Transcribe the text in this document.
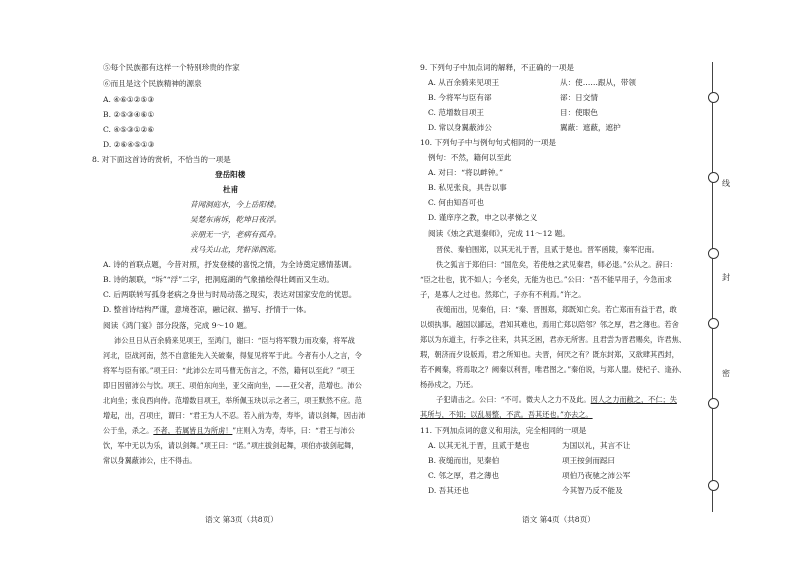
⑤每个民族都有这样一个特别珍贵的作家
⑥而且是这个民族精神的源泉
A. ④⑥①②⑤③
B. ②⑤③④⑥①
C. ④⑤③①②⑥
D. ②⑥④⑤①③
8. 对下面这首诗的赏析，不恰当的一项是
登岳阳楼
杜甫
昔闻洞庭水，今上岳阳楼。
吴楚东南坼，乾坤日夜浮。
亲朋无一字，老病有孤舟。
戎马关山北，凭轩涕泗流。
A. 诗的首联点题，今昔对照，抒发登楼的喜悦之情，为全诗奠定感情基调。
B. 诗的颔联，“坼”“浮”二字，把洞庭湖的气象描绘得壮阔而又生动。
C. 后两联转写孤身老病之身世与时局动荡之现实，表达对国家安危的忧思。
D. 整首诗结构严谨，意境苍凉，融记叙、描写、抒情于一体。
阅读《鸿门宴》部分段落，完成 9～10 题。
沛公旦日从百余骑来见项王，至鸿门，谢曰：“臣与将军戮力而攻秦，将军战
河北，臣战河南，然不自意能先入关破秦，得复见将军于此。今者有小人之言，令
将军与臣有郤。”项王曰：“此沛公左司马曹无伤言之，不然，籍何以至此？”项王
即日因留沛公与饮。项王、项伯东向坐，亚父南向坐，——亚父者，范增也。沛公
北向坐；张良西向侍。范增数目项王，举所佩玉玦以示之者三，项王默然不应。范
增起，出，召项庄，谓曰：“君王为人不忍。若入前为寿，寿毕，请以剑舞，因击沛
公于坐，杀之。不者，若属皆且为所虏！”庄则入为寿，寿毕，曰：“君王与沛公
饮，军中无以为乐，请以剑舞。”项王曰：“诺。”项庄拔剑起舞，项伯亦拔剑起舞，
常以身翼蔽沛公，庄不得击。
语文 第3页（共8页）
9. 下列句子中加点词的解释，不正确的一项是
A. 从百余骑来见项王	从：使……跟从，带领
B. 今将军与臣有郤	郤：日交情
C. 范增数目项王	目：使眼色
D. 常以身翼蔽沛公	翼蔽：遮蔽，遮护
10. 下列句子中与例句句式相同的一项是
例句：不然，籍何以至此
A. 对曰：“将以衅钟。”
B. 私见张良，具告以事
C. 何由知吾可也
D. 谨庠序之教，申之以孝悌之义
阅读《烛之武退秦师》，完成 11～12 题。
晋侯、秦伯围郑，以其无礼于晋，且贰于楚也。晋军函陵，秦军氾南。
佚之狐言于郑伯曰：“国危矣，若使烛之武见秦君，师必退。”公从之。辞曰：
“臣之壮也，犹不如人；今老矣，无能为也已。”公曰：“吾不能早用子，今急而求
子，是寡人之过也。然郑亡，子亦有不利焉。”许之。
夜缒而出，见秦伯，曰：“秦、晋围郑，郑既知亡矣。若亡郑而有益于君，敢
以烦执事。越国以鄙远，君知其难也，焉用亡郑以陪邻？邻之厚，君之薄也。若舍
郑以为东道主，行李之往来，共其乏困，君亦无所害。且君尝为晋君赐矣，许君焦、
瑕，朝济而夕设版焉，君之所知也。夫晋，何厌之有？既东封郑，又欲肆其西封，
若不阙秦，将焉取之？阙秦以利晋，唯君图之。”秦伯说，与郑人盟。使杞子、逢孙、
杨孙戍之，乃还。
子犯请击之。公曰：“不可。微夫人之力不及此。因人之力而敝之，不仁；失
其所与，不知；以乱易整，不武。吾其还也。”亦去之。
11. 下列加点词的意义和用法，完全相同的一项是
A. 以其无礼于晋，且贰于楚也	为国以礼，其言不让
B. 夜缒而出，见秦伯	项王按剑而跽曰
C. 邻之厚，君之薄也	项伯乃夜驰之沛公军
D. 吾其还也	今其智乃反不能及
语文 第4页（共8页）
线
封
密
